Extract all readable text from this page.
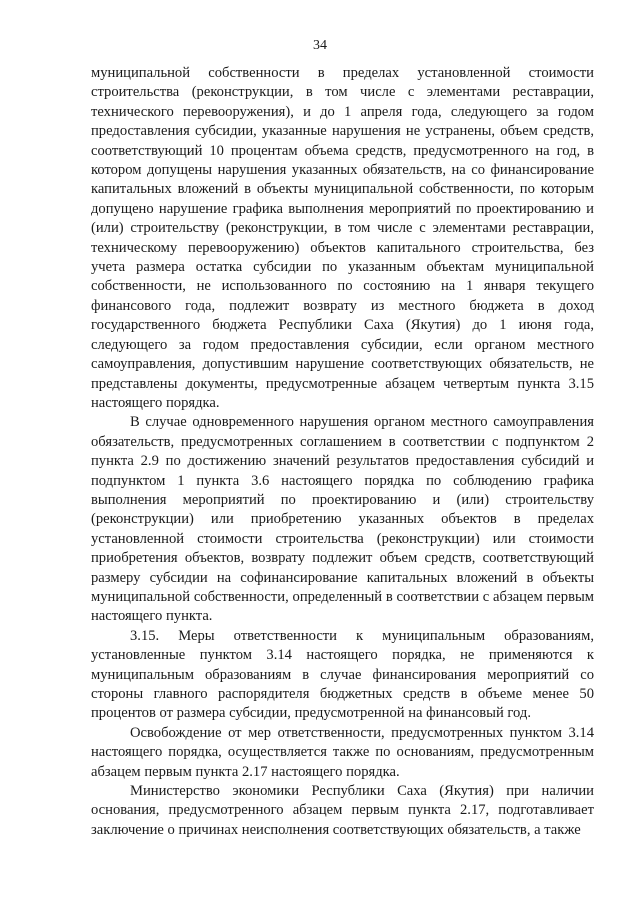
34

муниципальной собственности в пределах установленной стоимости строительства (реконструкции, в том числе с элементами реставрации, технического перевооружения), и до 1 апреля года, следующего за годом предоставления субсидии, указанные нарушения не устранены, объем средств, соответствующий 10 процентам объема средств, предусмотренного на год, в котором допущены нарушения указанных обязательств, на со финансирование капитальных вложений в объекты муниципальной собственности, по которым допущено нарушение графика выполнения мероприятий по проектированию и (или) строительству (реконструкции, в том числе с элементами реставрации, техническому перевооружению) объектов капитального строительства, без учета размера остатка субсидии по указанным объектам муниципальной собственности, не использованного по состоянию на 1 января текущего финансового года, подлежит возврату из местного бюджета в доход государственного бюджета Республики Саха (Якутия) до 1 июня года, следующего за годом предоставления субсидии, если органом местного самоуправления, допустившим нарушение соответствующих обязательств, не представлены документы, предусмотренные абзацем четвертым пункта 3.15 настоящего порядка.

В случае одновременного нарушения органом местного самоуправления обязательств, предусмотренных соглашением в соответствии с подпунктом 2 пункта 2.9 по достижению значений результатов предоставления субсидий и подпунктом 1 пункта 3.6 настоящего порядка по соблюдению графика выполнения мероприятий по проектированию и (или) строительству (реконструкции) или приобретению указанных объектов в пределах установленной стоимости строительства (реконструкции) или стоимости приобретения объектов, возврату подлежит объем средств, соответствующий размеру субсидии на софинансирование капитальных вложений в объекты муниципальной собственности, определенный в соответствии с абзацем первым настоящего пункта.

3.15. Меры ответственности к муниципальным образованиям, установленные пунктом 3.14 настоящего порядка, не применяются к муниципальным образованиям в случае финансирования мероприятий со стороны главного распорядителя бюджетных средств в объеме менее 50 процентов от размера субсидии, предусмотренной на финансовый год.

Освобождение от мер ответственности, предусмотренных пунктом 3.14 настоящего порядка, осуществляется также по основаниям, предусмотренным абзацем первым пункта 2.17 настоящего порядка.

Министерство экономики Республики Саха (Якутия) при наличии основания, предусмотренного абзацем первым пункта 2.17, подготавливает заключение о причинах неисполнения соответствующих обязательств, а также
